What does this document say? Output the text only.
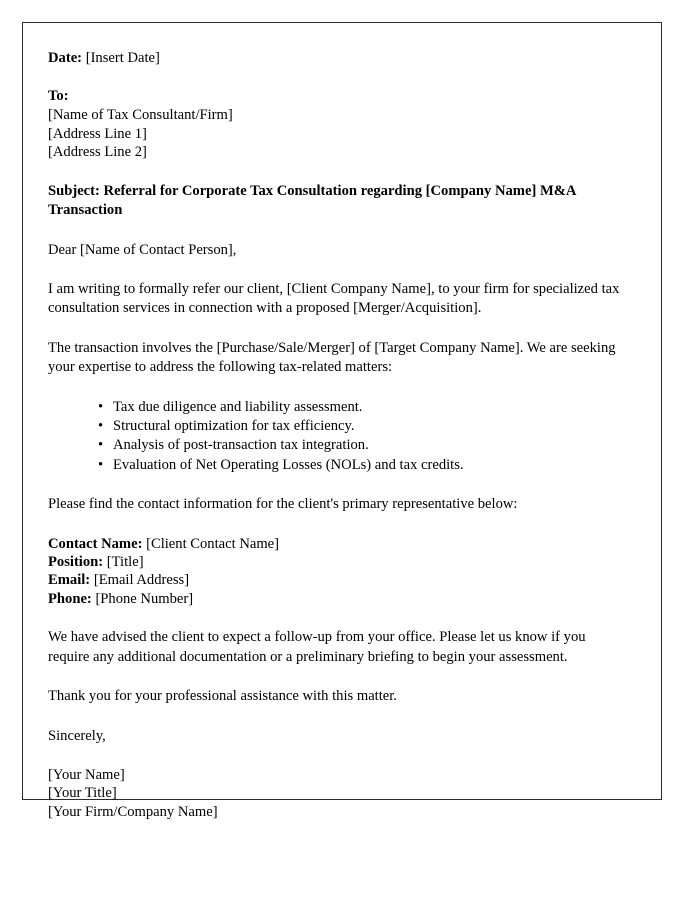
Date: [Insert Date]
To:
[Name of Tax Consultant/Firm]
[Address Line 1]
[Address Line 2]

Subject: Referral for Corporate Tax Consultation regarding [Company Name] M&A Transaction

Dear [Name of Contact Person],

I am writing to formally refer our client, [Client Company Name], to your firm for specialized tax consultation services in connection with a proposed [Merger/Acquisition].

The transaction involves the [Purchase/Sale/Merger] of [Target Company Name]. We are seeking your expertise to address the following tax-related matters:

• Tax due diligence and liability assessment.
• Structural optimization for tax efficiency.
• Analysis of post-transaction tax integration.
• Evaluation of Net Operating Losses (NOLs) and tax credits.

Please find the contact information for the client's primary representative below:

Contact Name: [Client Contact Name]
Position: [Title]
Email: [Email Address]
Phone: [Phone Number]

We have advised the client to expect a follow-up from your office. Please let us know if you require any additional documentation or a preliminary briefing to begin your assessment.

Thank you for your professional assistance with this matter.

Sincerely,

[Your Name]
[Your Title]
[Your Firm/Company Name]
